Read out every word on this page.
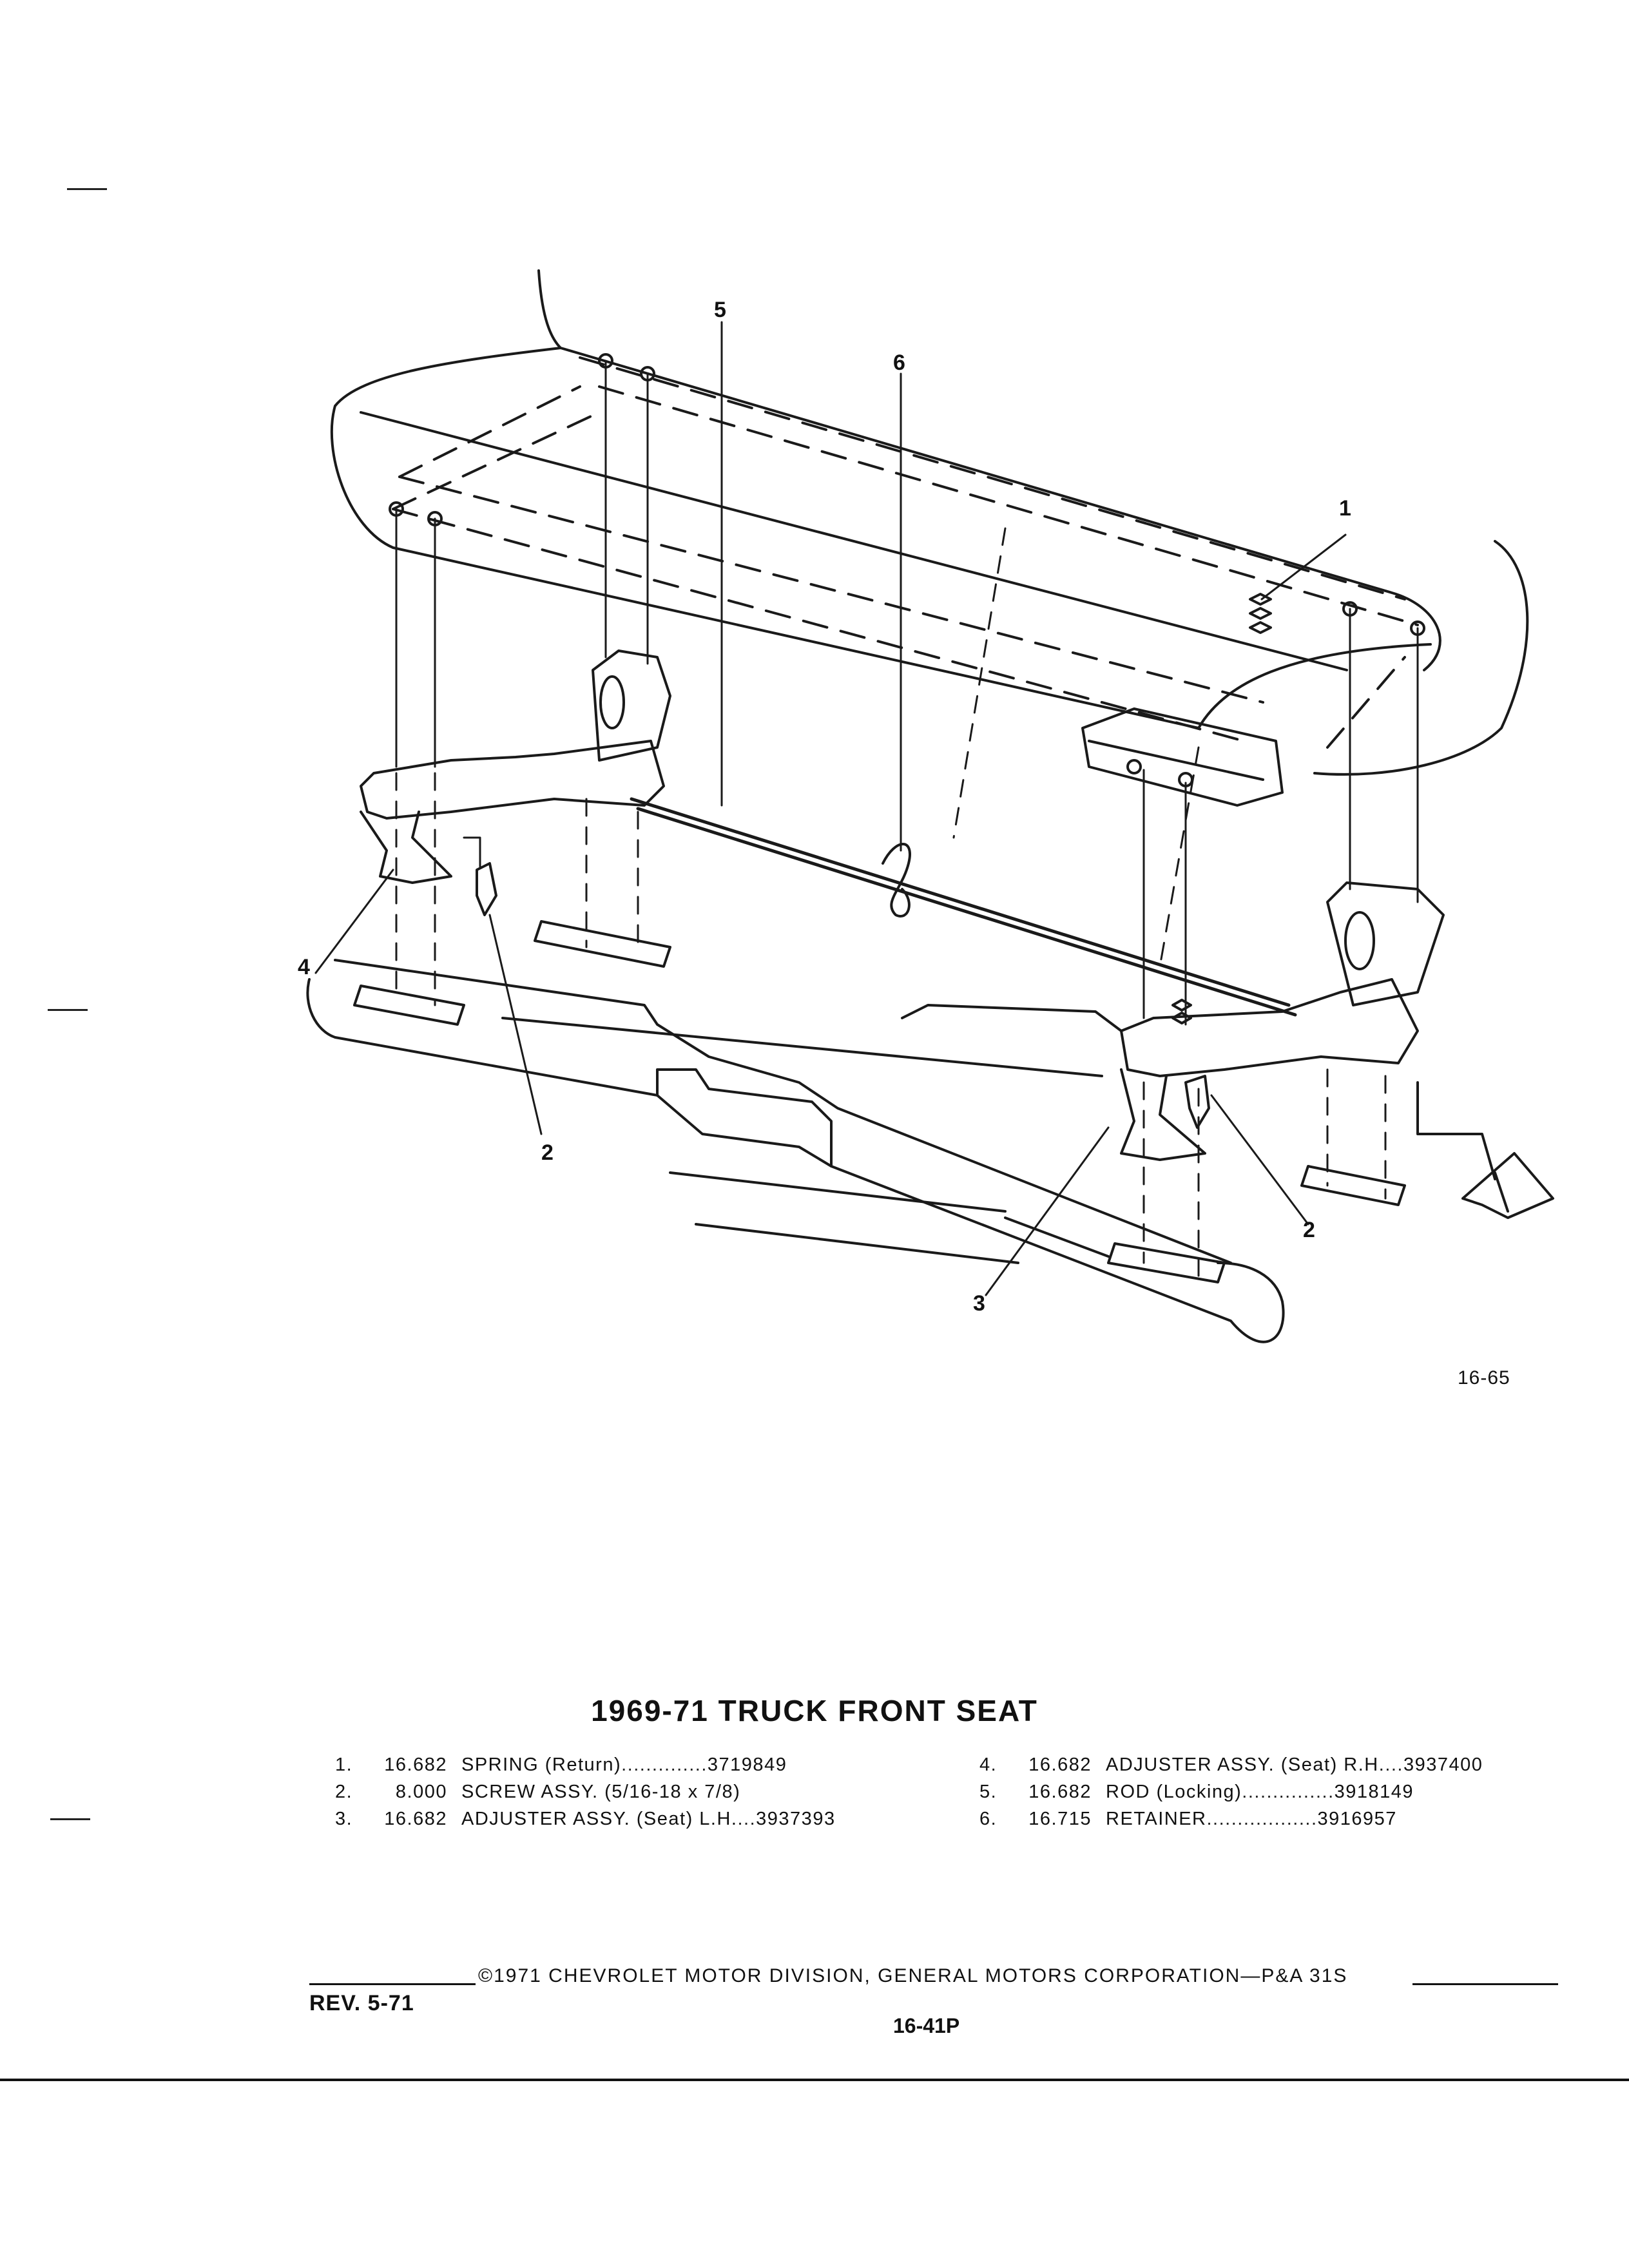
5
6
1
4
2
2
3
16-65
1969-71 TRUCK FRONT SEAT
1. 16.682 SPRING (Return)..............3719849
2. 8.000 SCREW ASSY. (5/16-18 x 7/8)
3. 16.682 ADJUSTER ASSY. (Seat) L.H....3937393
4. 16.682 ADJUSTER ASSY. (Seat) R.H....3937400
5. 16.682 ROD (Locking)...............3918149
6. 16.715 RETAINER..................3916957
©1971 CHEVROLET MOTOR DIVISION, GENERAL MOTORS CORPORATION—P&A 31S
REV. 5-71
16-41P
